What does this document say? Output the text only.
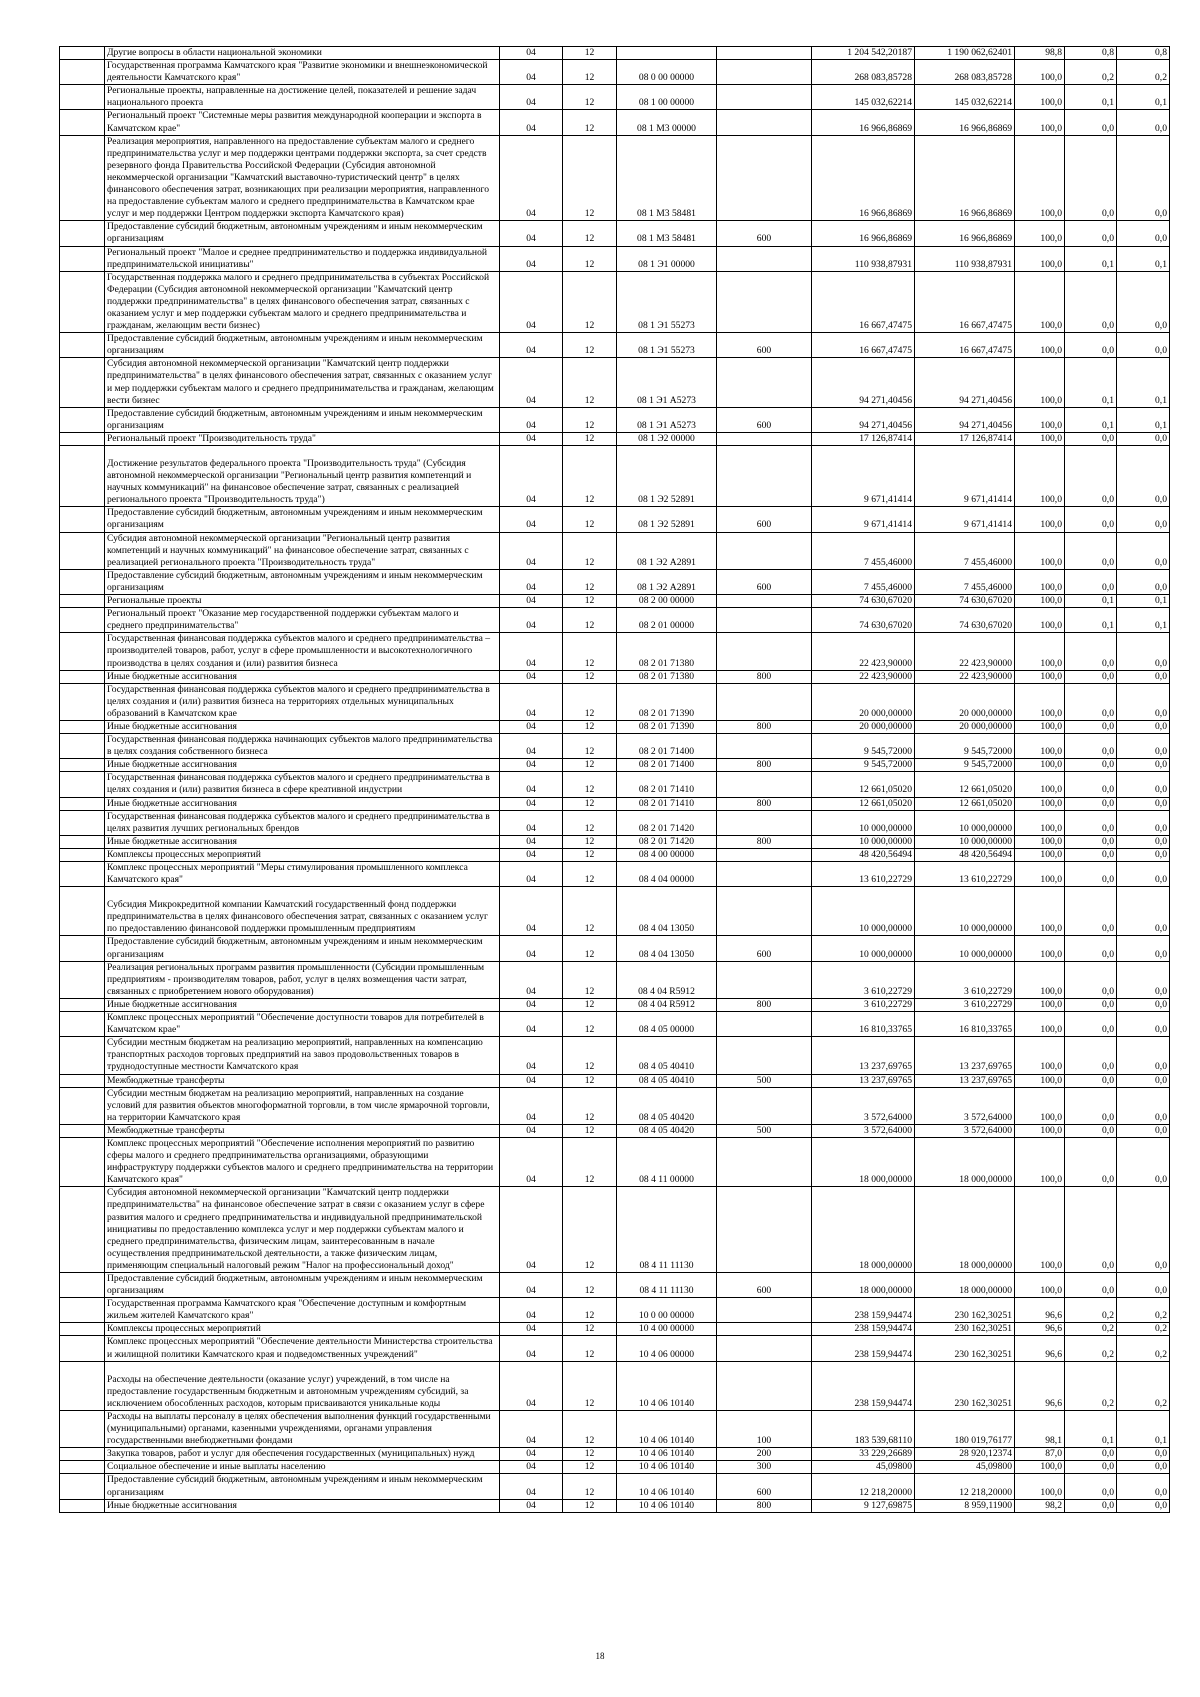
	Другие вопросы в области национальной экономики	04	12			1 204 542,20187	1 190 062,62401	98,8	0,8	0,8
	Государственная программа Камчатского края "Развитие экономики и внешнеэкономической деятельности Камчатского края"	04	12	08 0 00 00000		268 083,85728	268 083,85728	100,0	0,2	0,2
	Региональные проекты, направленные на достижение целей, показателей и решение задач национального проекта	04	12	08 1 00 00000		145 032,62214	145 032,62214	100,0	0,1	0,1
	Региональный проект "Системные меры развития международной кооперации и экспорта в Камчатском крае"	04	12	08 1 М3 00000		16 966,86869	16 966,86869	100,0	0,0	0,0
	Реализация мероприятия, направленного на предоставление субъектам малого и среднего предпринимательства услуг и мер поддержки центрами поддержки экспорта, за счет средств резервного фонда Правительства Российской Федерации (Субсидия автономной некоммерческой организации "Камчатский выставочно-туристический центр" в целях финансового обеспечения затрат, возникающих при реализации мероприятия, направленного на предоставление субъектам малого и среднего предпринимательства в Камчатском крае услуг и мер поддержки Центром поддержки экспорта Камчатского края)	04	12	08 1 М3 58481		16 966,86869	16 966,86869	100,0	0,0	0,0
	Предоставление субсидий бюджетным, автономным учреждениям и иным некоммерческим организациям	04	12	08 1 М3 58481	600	16 966,86869	16 966,86869	100,0	0,0	0,0
	Региональный проект "Малое и среднее предпринимательство и поддержка индивидуальной предпринимательской инициативы"	04	12	08 1 Э1 00000		110 938,87931	110 938,87931	100,0	0,1	0,1
	Государственная поддержка малого и среднего предпринимательства в субъектах Российской Федерации (Субсидия автономной некоммерческой организации "Камчатский центр поддержки предпринимательства" в целях финансового обеспечения затрат, связанных с оказанием услуг и мер поддержки субъектам малого и среднего предпринимательства и гражданам, желающим вести бизнес)	04	12	08 1 Э1 55273		16 667,47475	16 667,47475	100,0	0,0	0,0
	Предоставление субсидий бюджетным, автономным учреждениям и иным некоммерческим организациям	04	12	08 1 Э1 55273	600	16 667,47475	16 667,47475	100,0	0,0	0,0
	Субсидия автономной некоммерческой организации "Камчатский центр поддержки предпринимательства" в целях финансового обеспечения затрат, связанных с оказанием услуг и мер поддержки субъектам малого и среднего предпринимательства и гражданам, желающим вести бизнес	04	12	08 1 Э1 А5273		94 271,40456	94 271,40456	100,0	0,1	0,1
	Предоставление субсидий бюджетным, автономным учреждениям и иным некоммерческим организациям	04	12	08 1 Э1 А5273	600	94 271,40456	94 271,40456	100,0	0,1	0,1
	Региональный проект "Производительность труда"	04	12	08 1 Э2 00000		17 126,87414	17 126,87414	100,0	0,0	0,0
	Достижение результатов федерального проекта "Производительность труда" (Субсидия автономной некоммерческой организации "Региональный центр развития компетенций и научных коммуникаций" на финансовое обеспечение затрат, связанных с реализацией регионального проекта "Производительность труда")	04	12	08 1 Э2 52891		9 671,41414	9 671,41414	100,0	0,0	0,0
	Предоставление субсидий бюджетным, автономным учреждениям и иным некоммерческим организациям	04	12	08 1 Э2 52891	600	9 671,41414	9 671,41414	100,0	0,0	0,0
	Субсидия автономной некоммерческой организации "Региональный центр развития компетенций и научных коммуникаций" на финансовое обеспечение затрат, связанных с реализацией регионального проекта "Производительность труда"	04	12	08 1 Э2 А2891		7 455,46000	7 455,46000	100,0	0,0	0,0
	Предоставление субсидий бюджетным, автономным учреждениям и иным некоммерческим организациям	04	12	08 1 Э2 А2891	600	7 455,46000	7 455,46000	100,0	0,0	0,0
	Региональные проекты	04	12	08 2 00 00000		74 630,67020	74 630,67020	100,0	0,1	0,1
	Региональный проект "Оказание мер государственной поддержки субъектам малого и среднего предпринимательства"	04	12	08 2 01 00000		74 630,67020	74 630,67020	100,0	0,1	0,1
	Государственная финансовая поддержка субъектов малого и среднего предпринимательства – производителей товаров, работ, услуг в сфере промышленности и высокотехнологичного производства в целях создания и (или) развития бизнеса	04	12	08 2 01 71380		22 423,90000	22 423,90000	100,0	0,0	0,0
	Иные бюджетные ассигнования	04	12	08 2 01 71380	800	22 423,90000	22 423,90000	100,0	0,0	0,0
	Государственная финансовая поддержка субъектов малого и среднего предпринимательства в целях создания и (или) развития бизнеса на территориях отдельных муниципальных образований в Камчатском крае	04	12	08 2 01 71390		20 000,00000	20 000,00000	100,0	0,0	0,0
	Иные бюджетные ассигнования	04	12	08 2 01 71390	800	20 000,00000	20 000,00000	100,0	0,0	0,0
	Государственная финансовая поддержка начинающих субъектов малого предпринимательства в целях создания собственного бизнеса	04	12	08 2 01 71400		9 545,72000	9 545,72000	100,0	0,0	0,0
	Иные бюджетные ассигнования	04	12	08 2 01 71400	800	9 545,72000	9 545,72000	100,0	0,0	0,0
	Государственная финансовая поддержка субъектов малого и среднего предпринимательства в целях создания и (или) развития бизнеса в сфере креативной индустрии	04	12	08 2 01 71410		12 661,05020	12 661,05020	100,0	0,0	0,0
	Иные бюджетные ассигнования	04	12	08 2 01 71410	800	12 661,05020	12 661,05020	100,0	0,0	0,0
	Государственная финансовая поддержка субъектов малого и среднего предпринимательства в целях развития лучших региональных брендов	04	12	08 2 01 71420		10 000,00000	10 000,00000	100,0	0,0	0,0
	Иные бюджетные ассигнования	04	12	08 2 01 71420	800	10 000,00000	10 000,00000	100,0	0,0	0,0
	Комплексы процессных мероприятий	04	12	08 4 00 00000		48 420,56494	48 420,56494	100,0	0,0	0,0
	Комплекс процессных мероприятий "Меры стимулирования промышленного комплекса Камчатского края"	04	12	08 4 04 00000		13 610,22729	13 610,22729	100,0	0,0	0,0
	Субсидия Микрокредитной компании Камчатский государственный фонд поддержки предпринимательства в целях финансового обеспечения затрат, связанных с оказанием услуг по предоставлению финансовой поддержки промышленным предприятиям	04	12	08 4 04 13050		10 000,00000	10 000,00000	100,0	0,0	0,0
	Предоставление субсидий бюджетным, автономным учреждениям и иным некоммерческим организациям	04	12	08 4 04 13050	600	10 000,00000	10 000,00000	100,0	0,0	0,0
	Реализация региональных программ развития промышленности (Субсидии промышленным предприятиям - производителям товаров, работ, услуг в целях возмещения части затрат, связанных с приобретением нового оборудования)	04	12	08 4 04 R5912		3 610,22729	3 610,22729	100,0	0,0	0,0
	Иные бюджетные ассигнования	04	12	08 4 04 R5912	800	3 610,22729	3 610,22729	100,0	0,0	0,0
	Комплекс процессных мероприятий "Обеспечение доступности товаров для потребителей в Камчатском крае"	04	12	08 4 05 00000		16 810,33765	16 810,33765	100,0	0,0	0,0
	Субсидии местным бюджетам на реализацию мероприятий, направленных на компенсацию транспортных расходов торговых предприятий на завоз продовольственных товаров в труднодоступные местности Камчатского края	04	12	08 4 05 40410		13 237,69765	13 237,69765	100,0	0,0	0,0
	Межбюджетные трансферты	04	12	08 4 05 40410	500	13 237,69765	13 237,69765	100,0	0,0	0,0
	Субсидии местным бюджетам на реализацию мероприятий, направленных на создание условий для развития объектов многоформатной торговли, в том числе ярмарочной торговли, на территории Камчатского края	04	12	08 4 05 40420		3 572,64000	3 572,64000	100,0	0,0	0,0
	Межбюджетные трансферты	04	12	08 4 05 40420	500	3 572,64000	3 572,64000	100,0	0,0	0,0
	Комплекс процессных мероприятий "Обеспечение исполнения мероприятий по развитию сферы малого и среднего предпринимательства организациями, образующими инфраструктуру поддержки субъектов малого и среднего предпринимательства на территории Камчатского края"	04	12	08 4 11 00000		18 000,00000	18 000,00000	100,0	0,0	0,0
	Субсидия автономной некоммерческой организации "Камчатский центр поддержки предпринимательства" на финансовое обеспечение затрат в связи с оказанием услуг в сфере развития малого и среднего предпринимательства и индивидуальной предпринимательской инициативы по предоставлению комплекса услуг и мер поддержки субъектам малого и среднего предпринимательства, физическим лицам, заинтересованным в начале осуществления предпринимательской деятельности, а также физическим лицам, применяющим специальный налоговый режим "Налог на профессиональный доход"	04	12	08 4 11 11130		18 000,00000	18 000,00000	100,0	0,0	0,0
	Предоставление субсидий бюджетным, автономным учреждениям и иным некоммерческим организациям	04	12	08 4 11 11130	600	18 000,00000	18 000,00000	100,0	0,0	0,0
	Государственная программа Камчатского края "Обеспечение доступным и комфортным жильем жителей Камчатского края"	04	12	10 0 00 00000		238 159,94474	230 162,30251	96,6	0,2	0,2
	Комплексы процессных мероприятий	04	12	10 4 00 00000		238 159,94474	230 162,30251	96,6	0,2	0,2
	Комплекс процессных мероприятий "Обеспечение деятельности Министерства строительства и жилищной политики Камчатского края и подведомственных учреждений"	04	12	10 4 06 00000		238 159,94474	230 162,30251	96,6	0,2	0,2
	Расходы на обеспечение деятельности (оказание услуг) учреждений, в том числе на предоставление государственным бюджетным и автономным учреждениям субсидий, за исключением обособленных расходов, которым присваиваются уникальные коды	04	12	10 4 06 10140		238 159,94474	230 162,30251	96,6	0,2	0,2
	Расходы на выплаты персоналу в целях обеспечения выполнения функций государственными (муниципальными) органами, казенными учреждениями, органами управления государственными внебюджетными фондами	04	12	10 4 06 10140	100	183 539,68110	180 019,76177	98,1	0,1	0,1
	Закупка товаров, работ и услуг для обеспечения государственных (муниципальных) нужд	04	12	10 4 06 10140	200	33 229,26689	28 920,12374	87,0	0,0	0,0
	Социальное обеспечение и иные выплаты населению	04	12	10 4 06 10140	300	45,09800	45,09800	100,0	0,0	0,0
	Предоставление субсидий бюджетным, автономным учреждениям и иным некоммерческим организациям	04	12	10 4 06 10140	600	12 218,20000	12 218,20000	100,0	0,0	0,0
	Иные бюджетные ассигнования	04	12	10 4 06 10140	800	9 127,69875	8 959,11900	98,2	0,0	0,0
18
